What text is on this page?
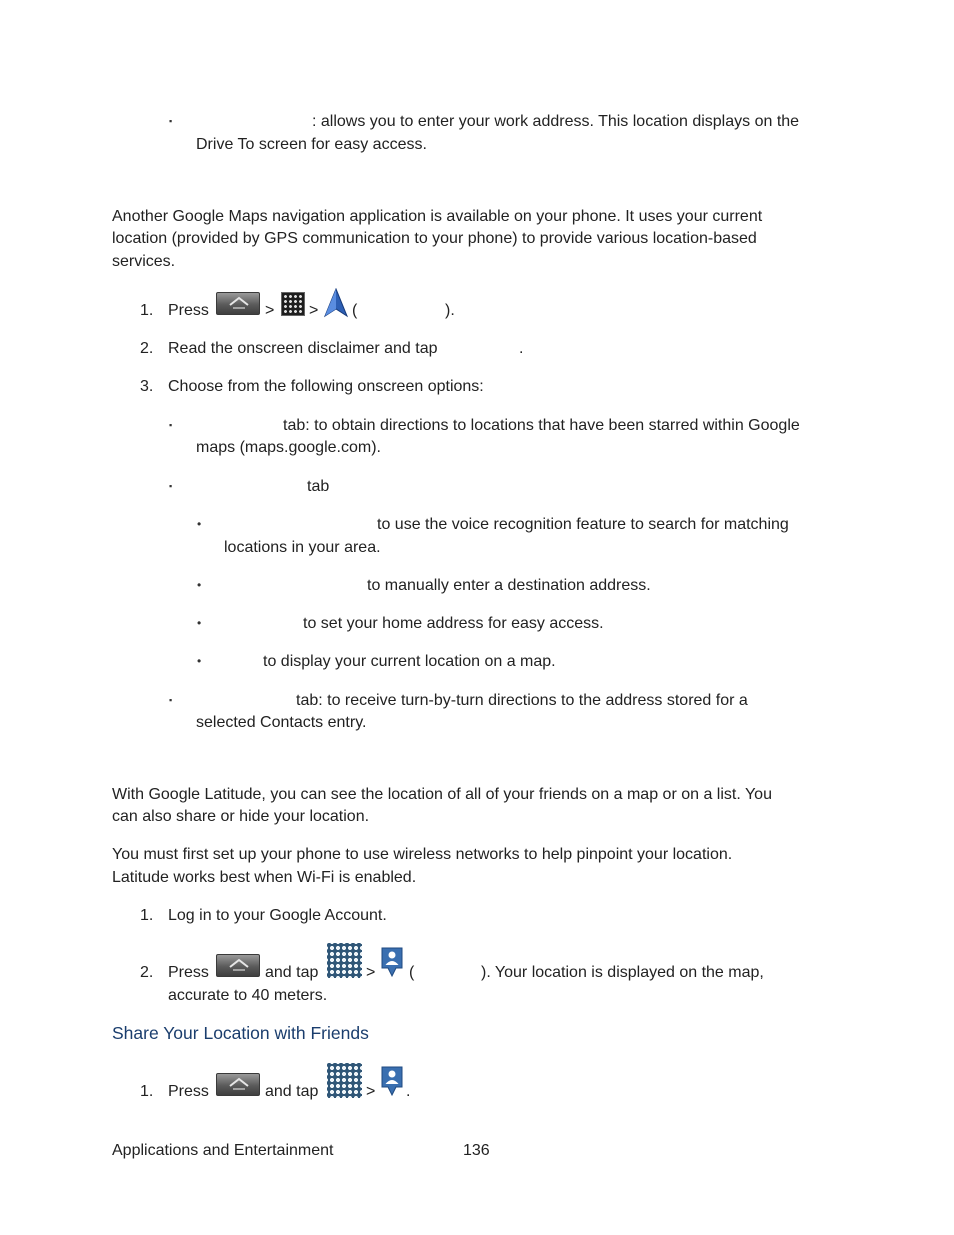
▪	: allows you to enter your work address. This location displays on the
Drive To screen for easy access.
Another Google Maps navigation application is available on your phone. It uses your current
location (provided by GPS communication to your phone) to provide various location-based
services.
1. Press	> > (	).
2. Read the onscreen disclaimer and tap	.
3. Choose from the following onscreen options:
▪	tab: to obtain directions to locations that have been starred within Google
maps (maps.google.com).
▪	tab
•	to use the voice recognition feature to search for matching
locations in your area.
•	to manually enter a destination address.
•	to set your home address for easy access.
•	to display your current location on a map.
▪	tab: to receive turn-by-turn directions to the address stored for a
selected Contacts entry.
With Google Latitude, you can see the location of all of your friends on a map or on a list. You
can also share or hide your location.
You must first set up your phone to use wireless networks to help pinpoint your location.
Latitude works best when Wi-Fi is enabled.
1. Log in to your Google Account.
2. Press	and tap	> (	). Your location is displayed on the map,
accurate to 40 meters.
Share Your Location with Friends
1. Press	and tap	> .
Applications and Entertainment	136
